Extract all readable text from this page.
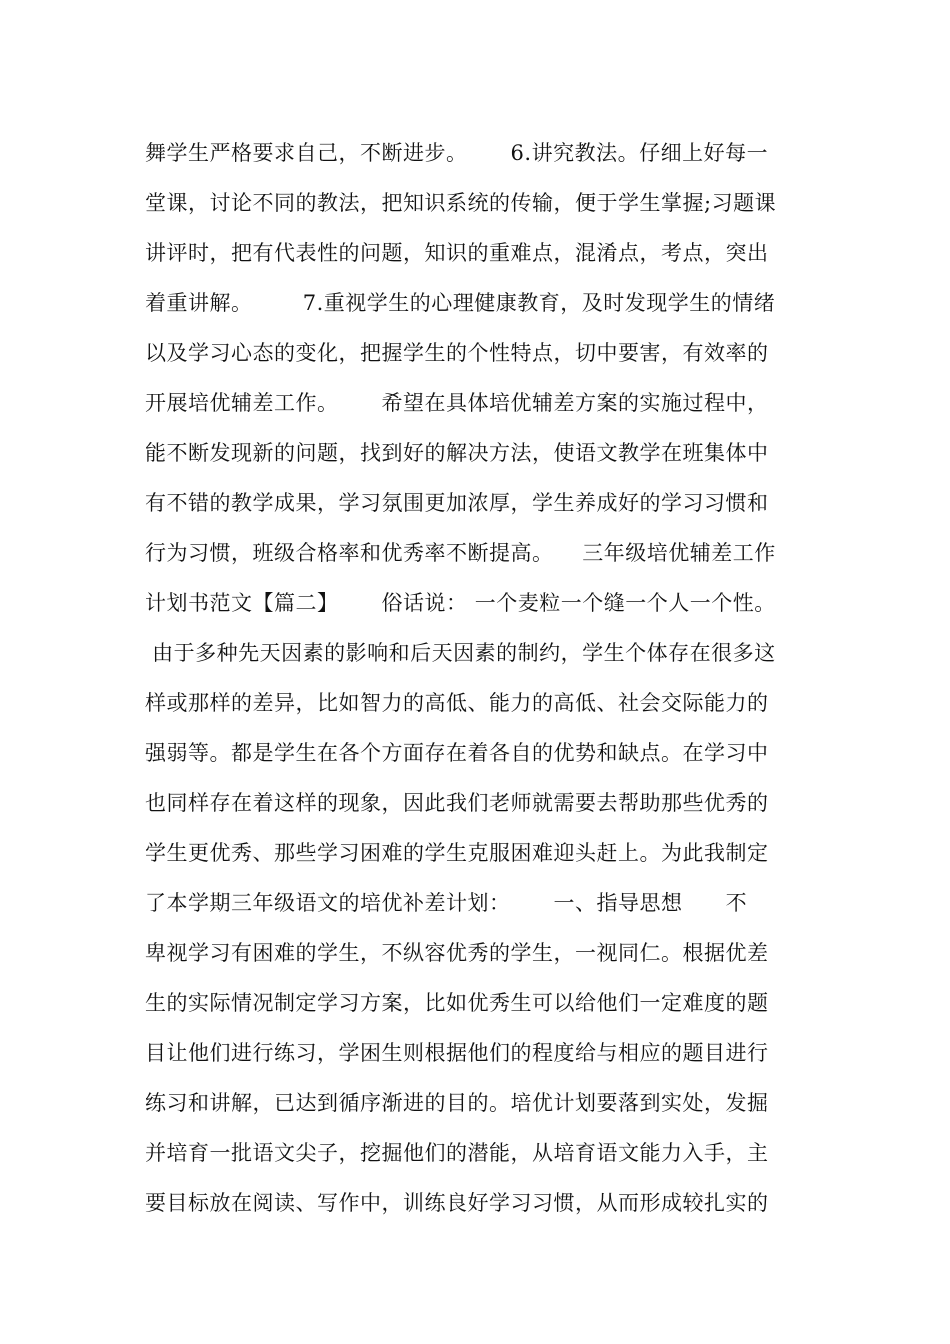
舞学生严格要求自己，不断进步。      6.讲究教法。仔细上好每一
堂课，讨论不同的教法，把知识系统的传输，便于学生掌握;习题课
讲评时，把有代表性的问题，知识的重难点，混淆点，考点，突出
着重讲解。       7.重视学生的心理健康教育，及时发现学生的情绪
以及学习心态的变化，把握学生的个性特点，切中要害，有效率的
开展培优辅差工作。      希望在具体培优辅差方案的实施过程中，
能不断发现新的问题，找到好的解决方法，使语文教学在班集体中
有不错的教学成果，学习氛围更加浓厚，学生养成好的学习习惯和
行为习惯，班级合格率和优秀率不断提高。    三年级培优辅差工作
计划书范文【篇二】      俗话说： 一个麦粒一个缝一个人一个性。
由于多种先天因素的影响和后天因素的制约，学生个体存在很多这
样或那样的差异，比如智力的高低、能力的高低、社会交际能力的
强弱等。都是学生在各个方面存在着各自的优势和缺点。在学习中
也同样存在着这样的现象，因此我们老师就需要去帮助那些优秀的
学生更优秀、那些学习困难的学生克服困难迎头赶上。为此我制定
了本学期三年级语文的培优补差计划：      一、指导思想      不
卑视学习有困难的学生，不纵容优秀的学生，一视同仁。根据优差
生的实际情况制定学习方案，比如优秀生可以给他们一定难度的题
目让他们进行练习，学困生则根据他们的程度给与相应的题目进行
练习和讲解，已达到循序渐进的目的。培优计划要落到实处，发掘
并培育一批语文尖子，挖掘他们的潜能，从培育语文能力入手，主
要目标放在阅读、写作中，训练良好学习习惯，从而形成较扎实的
